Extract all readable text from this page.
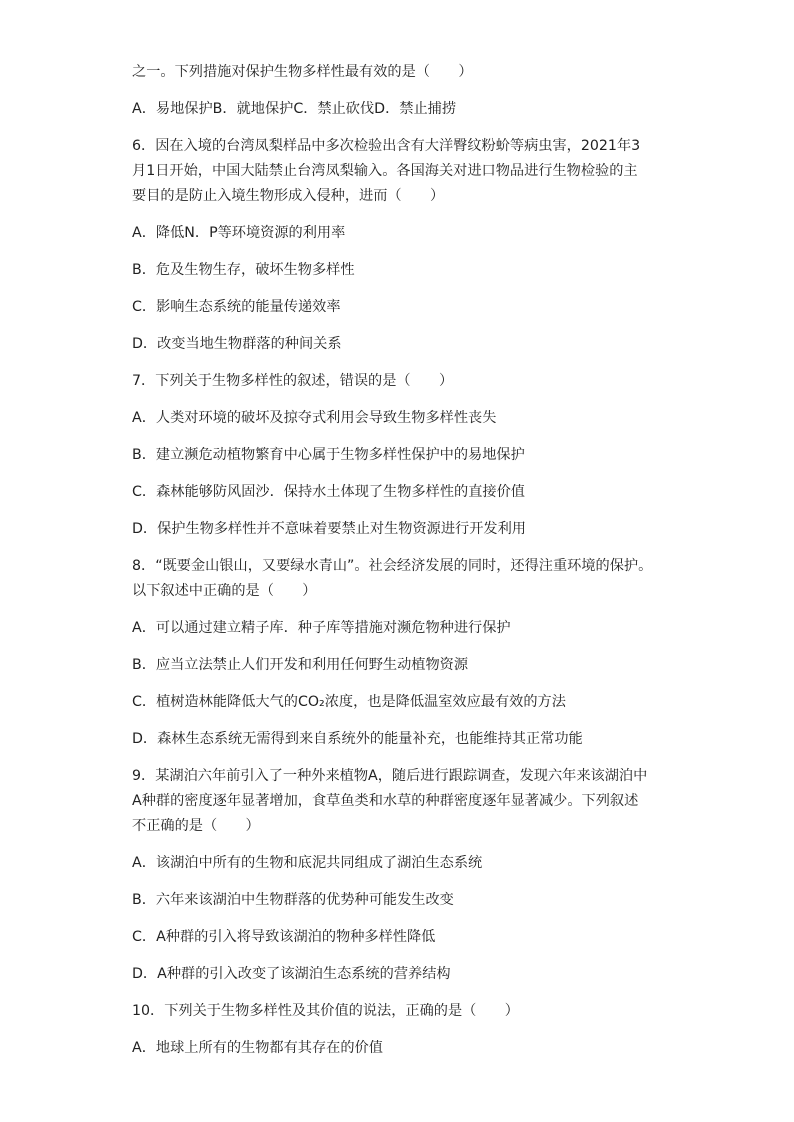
之一。下列措施对保护生物多样性最有效的是（　　）
A．易地保护B．就地保护C．禁止砍伐D．禁止捕捞
6．因在入境的台湾凤梨样品中多次检验出含有大洋臀纹粉蚧等病虫害，2021年3
月1日开始，中国大陆禁止台湾凤梨输入。各国海关对进口物品进行生物检验的主
要目的是防止入境生物形成入侵种，进而（　　）
A．降低N．P等环境资源的利用率
B．危及生物生存，破坏生物多样性
C．影响生态系统的能量传递效率
D．改变当地生物群落的种间关系
7．下列关于生物多样性的叙述，错误的是（　　）
A．人类对环境的破坏及掠夺式利用会导致生物多样性丧失
B．建立濒危动植物繁育中心属于生物多样性保护中的易地保护
C．森林能够防风固沙．保持水土体现了生物多样性的直接价值
D．保护生物多样性并不意味着要禁止对生物资源进行开发利用
8．“既要金山银山，又要绿水青山”。社会经济发展的同时，还得注重环境的保护。
以下叙述中正确的是（　　）
A．可以通过建立精子库．种子库等措施对濒危物种进行保护
B．应当立法禁止人们开发和利用任何野生动植物资源
C．植树造林能降低大气的CO₂浓度，也是降低温室效应最有效的方法
D．森林生态系统无需得到来自系统外的能量补充，也能维持其正常功能
9．某湖泊六年前引入了一种外来植物A，随后进行跟踪调查，发现六年来该湖泊中
A种群的密度逐年显著增加，食草鱼类和水草的种群密度逐年显著减少。下列叙述
不正确的是（　　）
A．该湖泊中所有的生物和底泥共同组成了湖泊生态系统
B．六年来该湖泊中生物群落的优势种可能发生改变
C．A种群的引入将导致该湖泊的物种多样性降低
D．A种群的引入改变了该湖泊生态系统的营养结构
10．下列关于生物多样性及其价值的说法，正确的是（　　）
A．地球上所有的生物都有其存在的价值
